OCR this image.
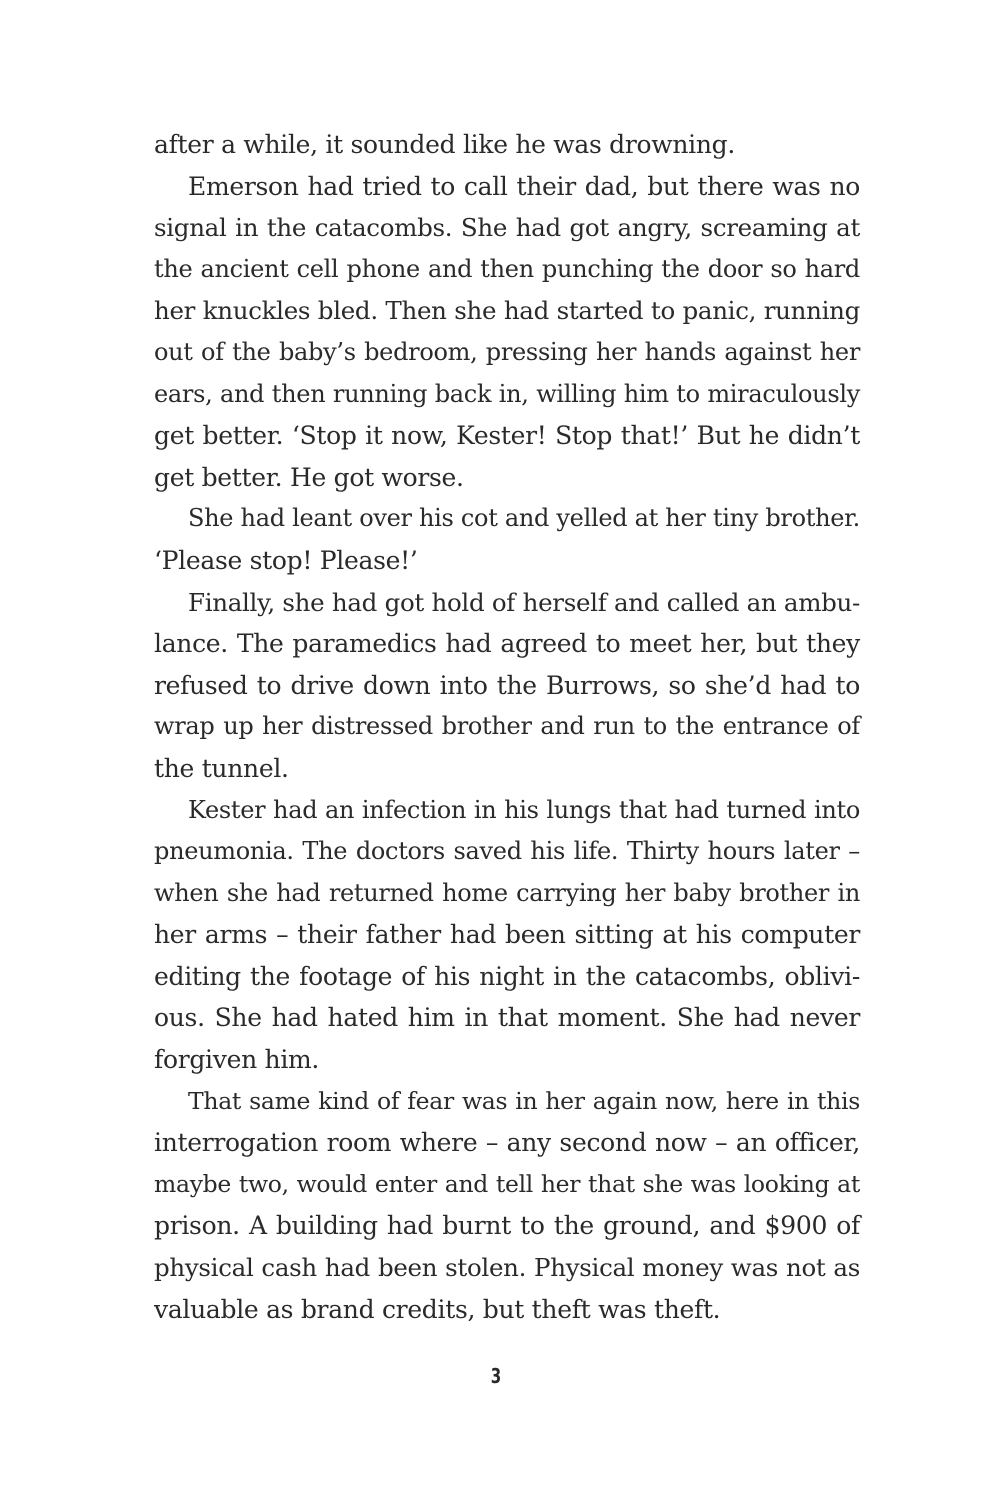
after a while, it sounded like he was drowning.
Emerson had tried to call their dad, but there was no
signal in the catacombs. She had got angry, screaming at
the ancient cell phone and then punching the door so hard
her knuckles bled. Then she had started to panic, running
out of the baby’s bedroom, pressing her hands against her
ears, and then running back in, willing him to miraculously
get better. ‘Stop it now, Kester! Stop that!’ But he didn’t
get better. He got worse.
She had leant over his cot and yelled at her tiny brother.
‘Please stop! Please!’
Finally, she had got hold of herself and called an ambu-
lance. The paramedics had agreed to meet her, but they
refused to drive down into the Burrows, so she’d had to
wrap up her distressed brother and run to the entrance of
the tunnel.
Kester had an infection in his lungs that had turned into
pneumonia. The doctors saved his life. Thirty hours later –
when she had returned home carrying her baby brother in
her arms – their father had been sitting at his computer
editing the footage of his night in the catacombs, oblivi-
ous. She had hated him in that moment. She had never
forgiven him.
That same kind of fear was in her again now, here in this
interrogation room where – any second now – an officer,
maybe two, would enter and tell her that she was looking at
prison. A building had burnt to the ground, and $900 of
physical cash had been stolen. Physical money was not as
valuable as brand credits, but theft was theft.
3
